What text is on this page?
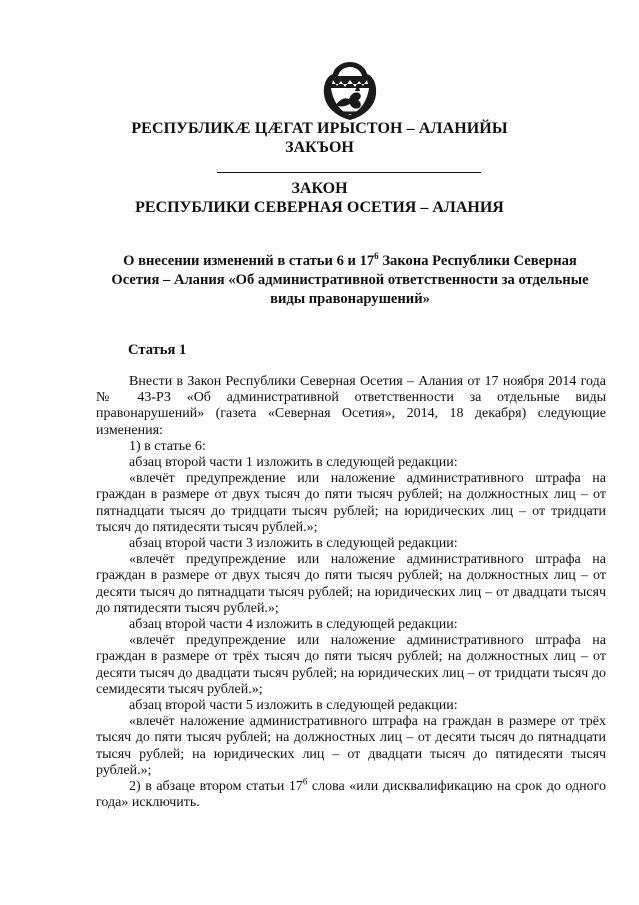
РЕСПУБЛИКӔ ЦӔГАТ ИРЫСТОН – АЛАНИЙЫ
ЗАКЪОН
ЗАКОН
РЕСПУБЛИКИ СЕВЕРНАЯ ОСЕТИЯ – АЛАНИЯ
О внесении изменений в статьи 6 и $17^6$ Закона Республики Северная Осетия – Алания «Об административной ответственности за отдельные виды правонарушений»
Статья 1

Внести в Закон Республики Северная Осетия – Алания от 17 ноября 2014 года № 43-РЗ «Об административной ответственности за отдельные виды правонарушений» (газета «Северная Осетия», 2014, 18 декабря) следующие изменения:

1) в статье 6:

абзац второй части 1 изложить в следующей редакции:

«влечёт предупреждение или наложение административного штрафа на граждан в размере от двух тысяч до пяти тысяч рублей; на должностных лиц – от пятнадцати тысяч до тридцати тысяч рублей; на юридических лиц – от тридцати тысяч до пятидесяти тысяч рублей.»;

абзац второй части 3 изложить в следующей редакции:

«влечёт предупреждение или наложение административного штрафа на граждан в размере от двух тысяч до пяти тысяч рублей; на должностных лиц – от десяти тысяч до пятнадцати тысяч рублей; на юридических лиц – от двадцати тысяч до пятидесяти тысяч рублей.»;

абзац второй части 4 изложить в следующей редакции:

«влечёт предупреждение или наложение административного штрафа на граждан в размере от трёх тысяч до пяти тысяч рублей; на должностных лиц – от десяти тысяч до двадцати тысяч рублей; на юридических лиц – от тридцати тысяч до семидесяти тысяч рублей.»;

абзац второй части 5 изложить в следующей редакции:

«влечёт наложение административного штрафа на граждан в размере от трёх тысяч до пяти тысяч рублей; на должностных лиц – от десяти тысяч до пятнадцати тысяч рублей; на юридических лиц – от двадцати тысяч до пятидесяти тысяч рублей.»;

2) в абзаце втором статьи $17^6$ слова «или дисквалификацию на срок до одного года» исключить.
